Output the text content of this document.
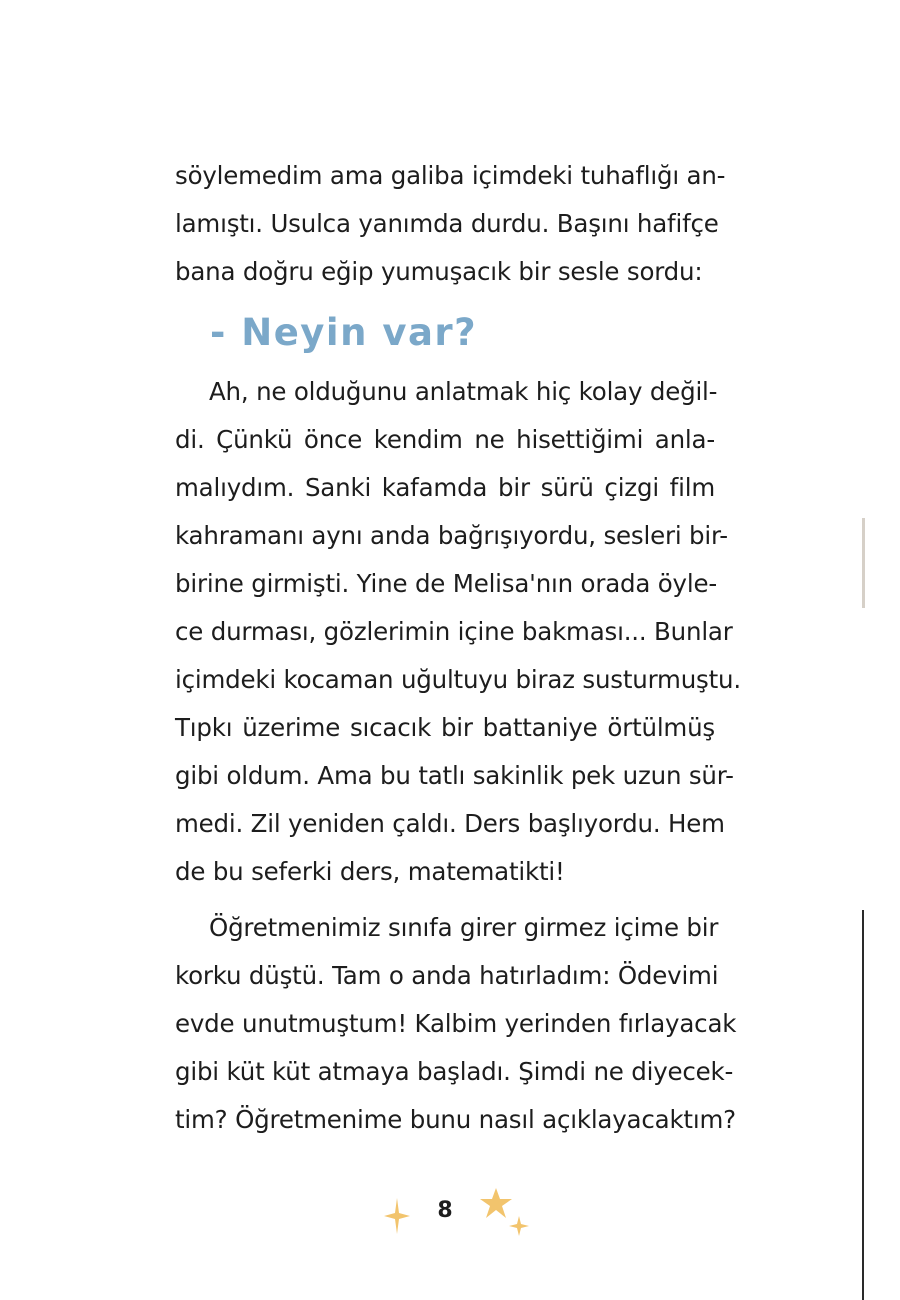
söylemedim ama galiba içimdeki tuhaflığı an-
lamıştı. Usulca yanımda durdu. Başını hafifçe
bana doğru eğip yumuşacık bir sesle sordu:
- Neyin var?
Ah, ne olduğunu anlatmak hiç kolay değil-
di. Çünkü önce kendim ne hisettiğimi anla-
malıydım. Sanki kafamda bir sürü çizgi film
kahramanı aynı anda bağrışıyordu, sesleri bir-
birine girmişti. Yine de Melisa'nın orada öyle-
ce durması, gözlerimin içine bakması... Bunlar
içimdeki kocaman uğultuyu biraz susturmuştu.
Tıpkı üzerime sıcacık bir battaniye örtülmüş
gibi oldum. Ama bu tatlı sakinlik pek uzun sür-
medi. Zil yeniden çaldı. Ders başlıyordu. Hem
de bu seferki ders, matematikti!
Öğretmenimiz sınıfa girer girmez içime bir
korku düştü. Tam o anda hatırladım: Ödevimi
evde unutmuştum! Kalbim yerinden fırlayacak
gibi küt küt atmaya başladı. Şimdi ne diyecek-
tim? Öğretmenime bunu nasıl açıklayacaktım?
8
